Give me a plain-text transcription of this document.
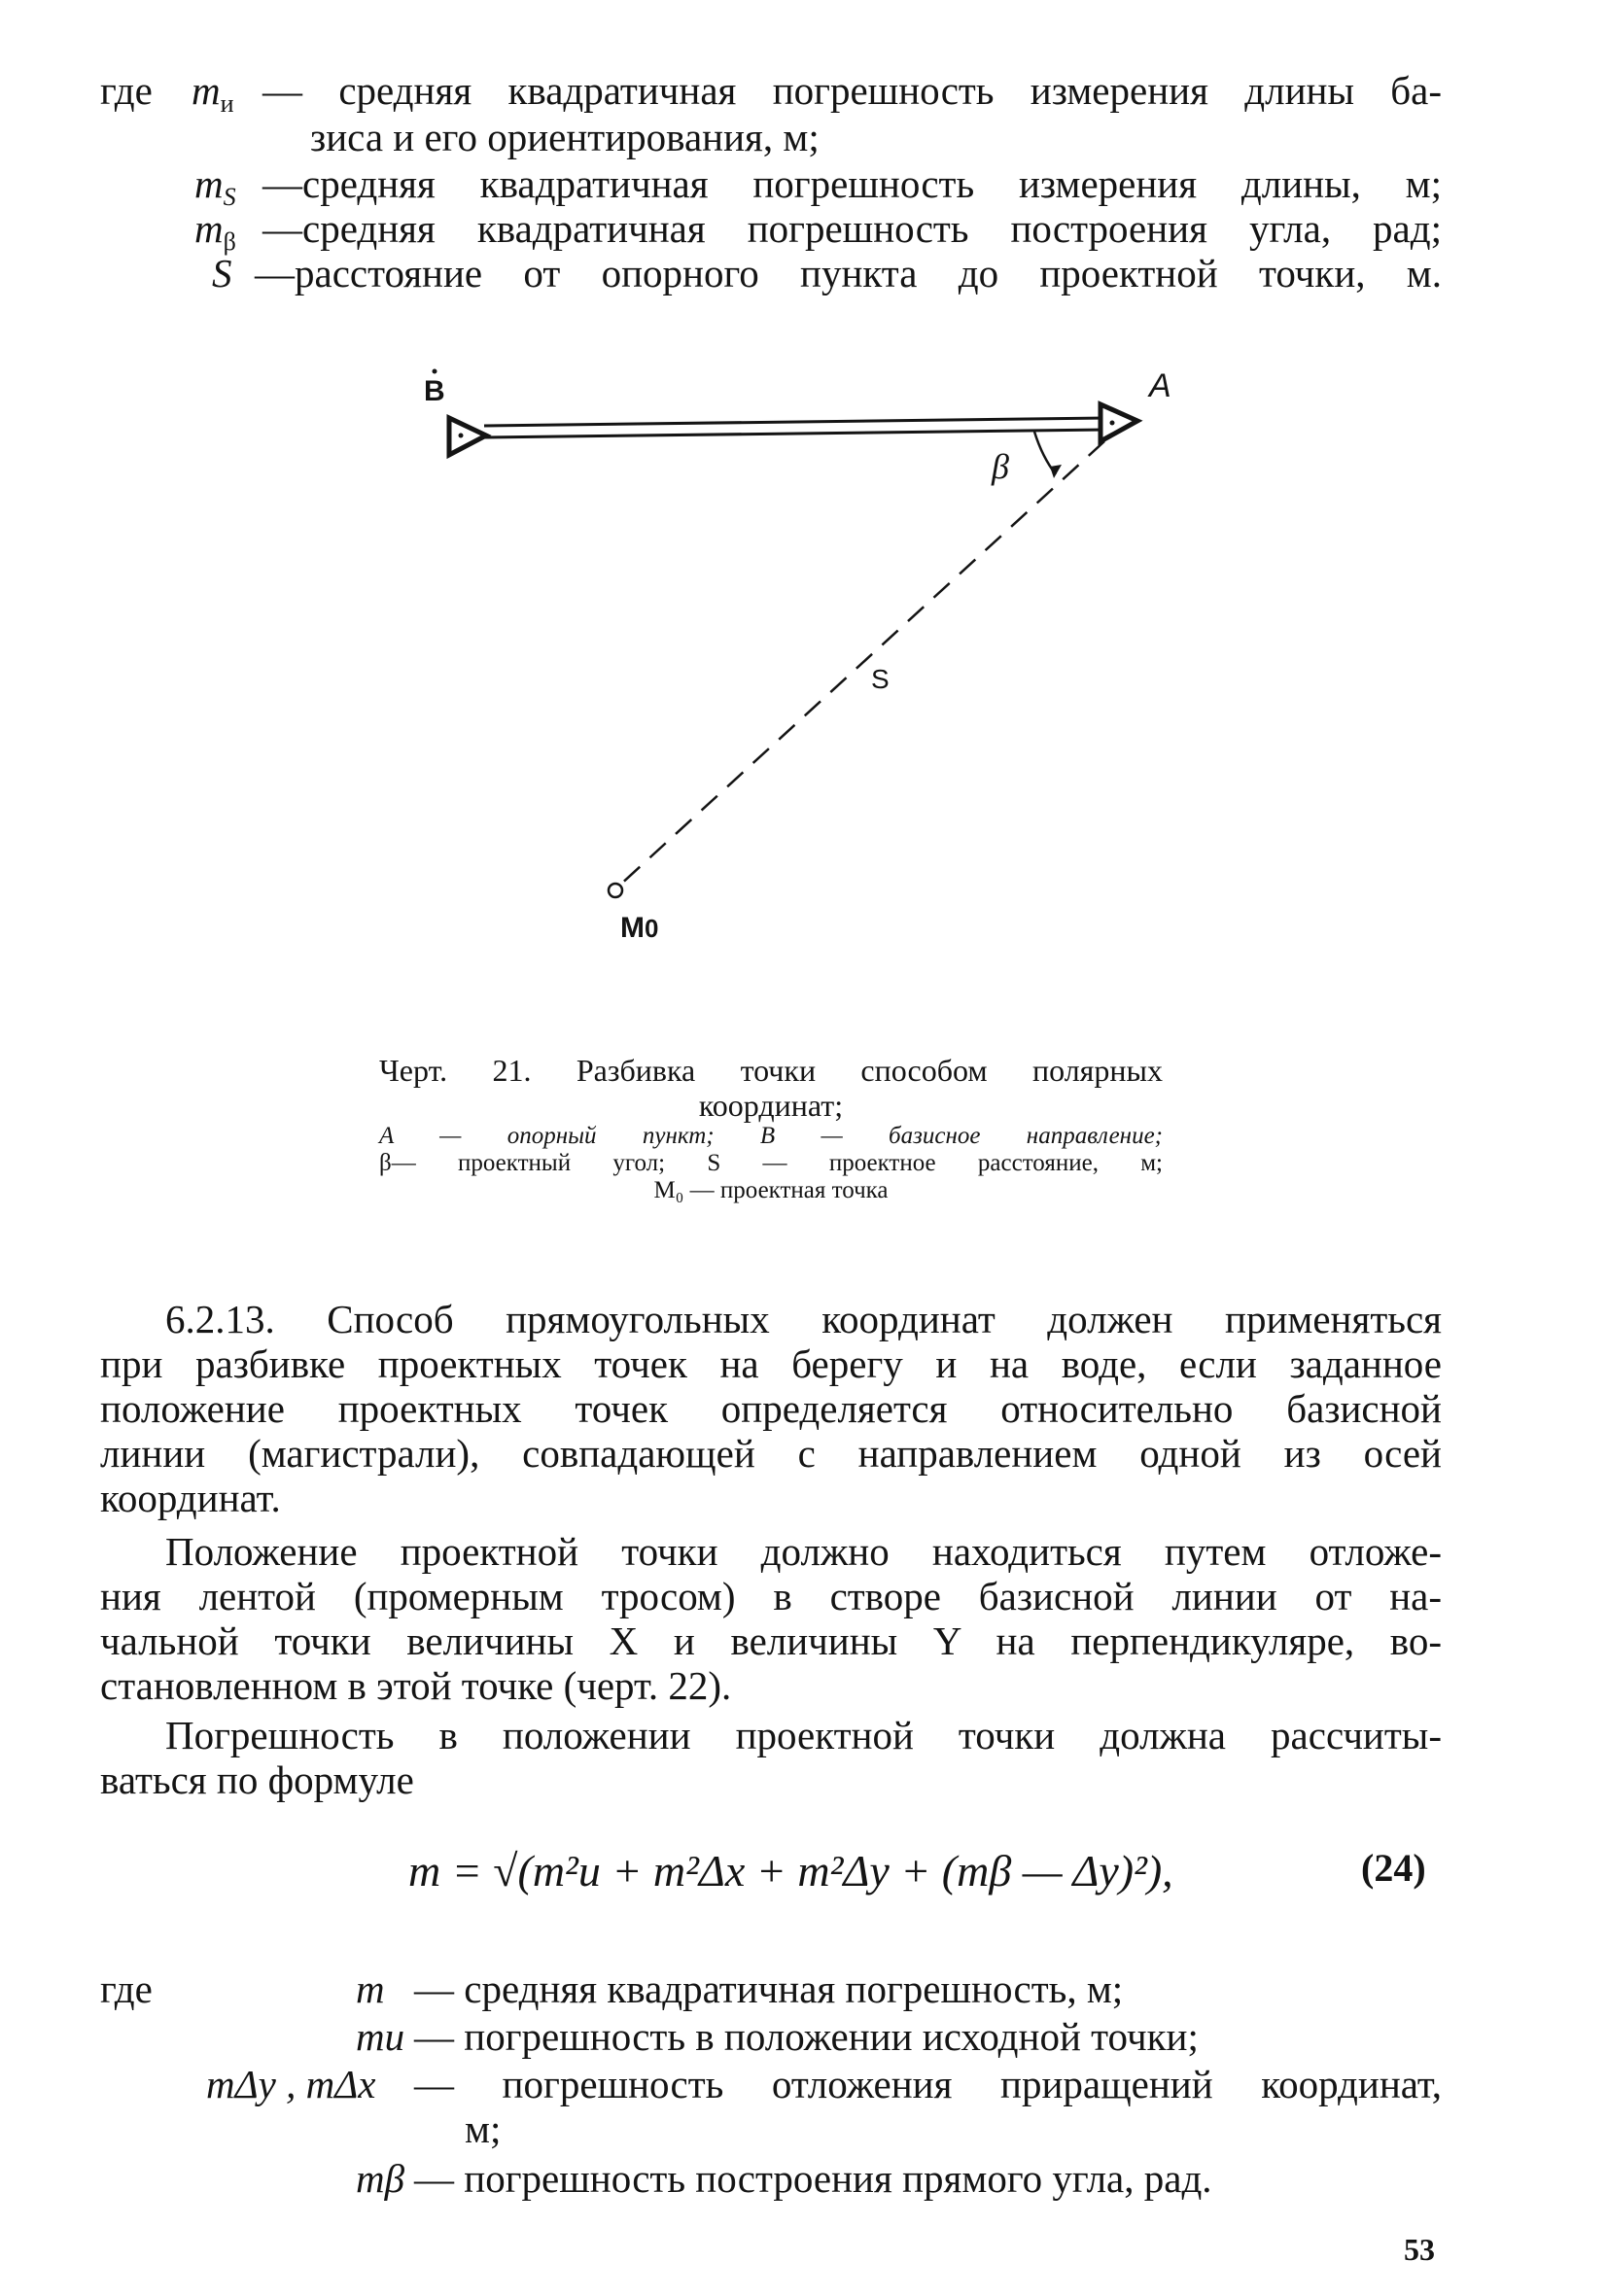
где $m_и$ — средняя квадратичная погрешность измерения длины ба-
зиса и его ориентирования, м;
$m_S$ —средняя квадратичная погрешность измерения длины, м;
$m_\beta$ —средняя квадратичная погрешность построения угла, рад;
S —расстояние от опорного пункта до проектной точки, м.
B	A
β
S
M0
Черт. 21. Разбивка точки способом полярных
координат;
A — опорный пункт; B — базисное направление;
β— проектный угол; S — проектное расстояние, м;
M₀ — проектная точка
6.2.13. Способ прямоугольных координат должен применяться
при разбивке проектных точек на берегу и на воде, если заданное
положение проектных точек определяется относительно базисной
линии (магистрали), совпадающей с направлением одной из осей
координат.
Положение проектной точки должно находиться путем отложе-
ния лентой (промерным тросом) в створе базисной линии от на-
чальной точки величины X и величины Y на перпендикуляре, во-
становленном в этой точке (черт. 22).
Погрешность в положении проектной точки должна рассчиты-
ваться по формуле
m = √(m²и + m²Δx + m²Δy + (mβ — Δy)²),	(24)
где	m — средняя квадратичная погрешность, м;
mи — погрешность в положении исходной точки;
mΔy , mΔx — погрешность отложения приращений координат,
м;
mβ — погрешность построения прямого угла, рад.
53
